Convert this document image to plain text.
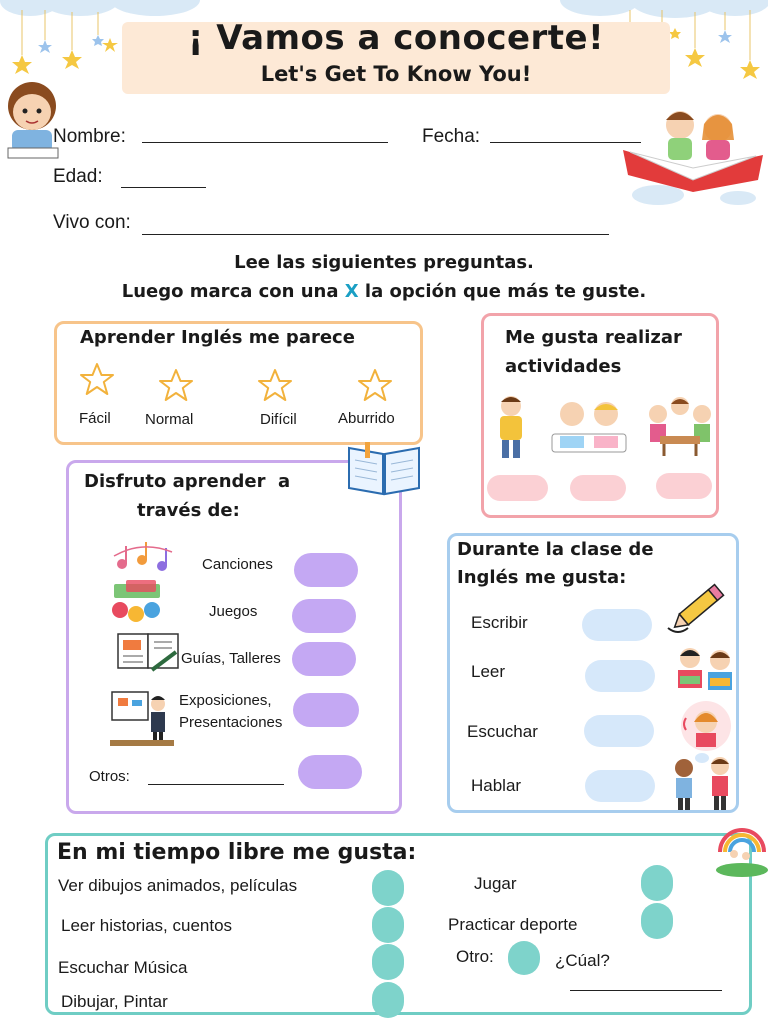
¡ Vamos a conocerte!
Let's Get To Know You!
Nombre:	Fecha:
Edad:
Vivo con:
Lee las siguientes preguntas.
Luego marca con una X la opción que más te guste.
Aprender Inglés me parece
Fácil Normal	Difícil	Aburrido
Me gusta realizar actividades
Disfruto aprender  a
través de:
Canciones
Juegos
Guías, Talleres
Exposiciones,
Presentaciones
Otros:
Durante la clase de
Inglés me gusta:
Escribir
Leer
Escuchar
Hablar
En mi tiempo libre me gusta:
Ver dibujos animados, películas
Leer historias, cuentos
Escuchar Música
Dibujar, Pintar
Jugar
Practicar deporte
Otro:	¿Cúal?
